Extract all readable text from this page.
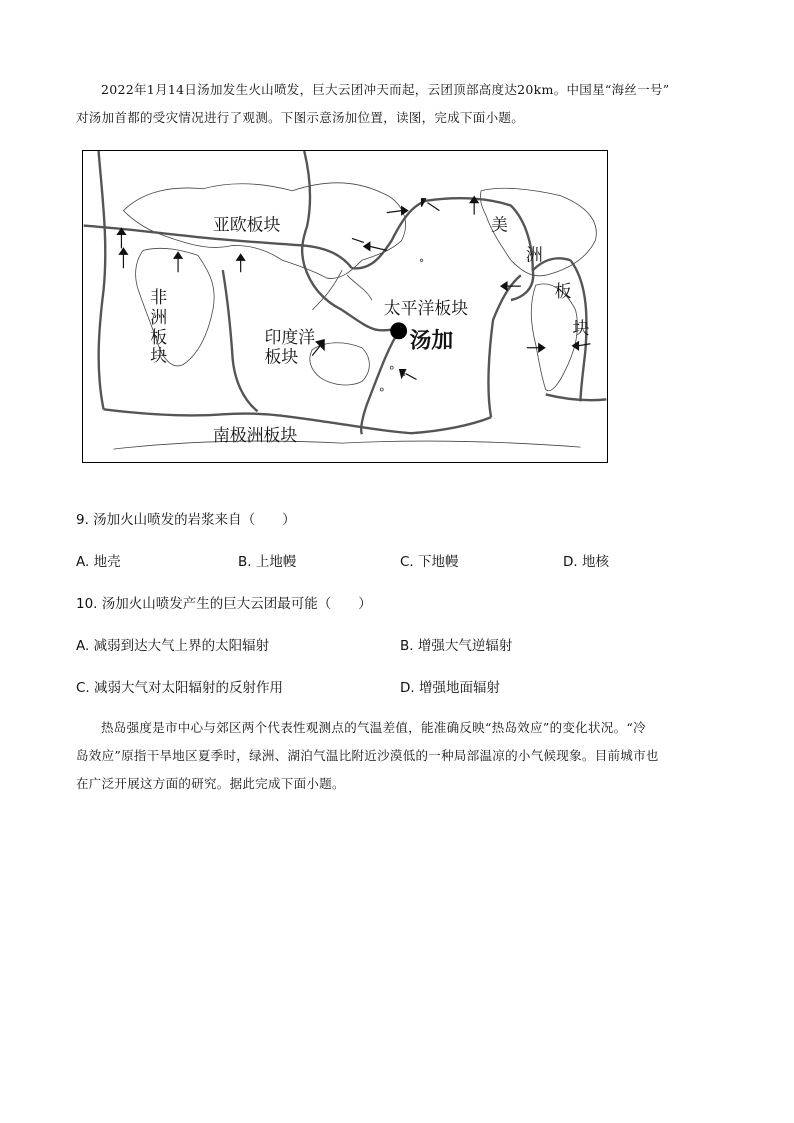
2022年1月14日汤加发生火山喷发，巨大云团冲天而起，云团顶部高度达20km。中国星“海丝一号”

对汤加首都的受灾情况进行了观测。下图示意汤加位置，读图，完成下面小题。

亚欧板块
非
洲
板
块
印度洋
板块
太平洋板块
汤加
美
洲
板
块
南极洲板块

9. 汤加火山喷发的岩浆来自（　　）

A. 地壳	B. 上地幔	C. 下地幔	D. 地核

10. 汤加火山喷发产生的巨大云团最可能（　　）

A. 减弱到达大气上界的太阳辐射	B. 增强大气逆辐射

C. 减弱大气对太阳辐射的反射作用	D. 增强地面辐射

热岛强度是市中心与郊区两个代表性观测点的气温差值，能准确反映“热岛效应”的变化状况。“冷

岛效应”原指干旱地区夏季时，绿洲、湖泊气温比附近沙漠低的一种局部温凉的小气候现象。目前城市也

在广泛开展这方面的研究。据此完成下面小题。
